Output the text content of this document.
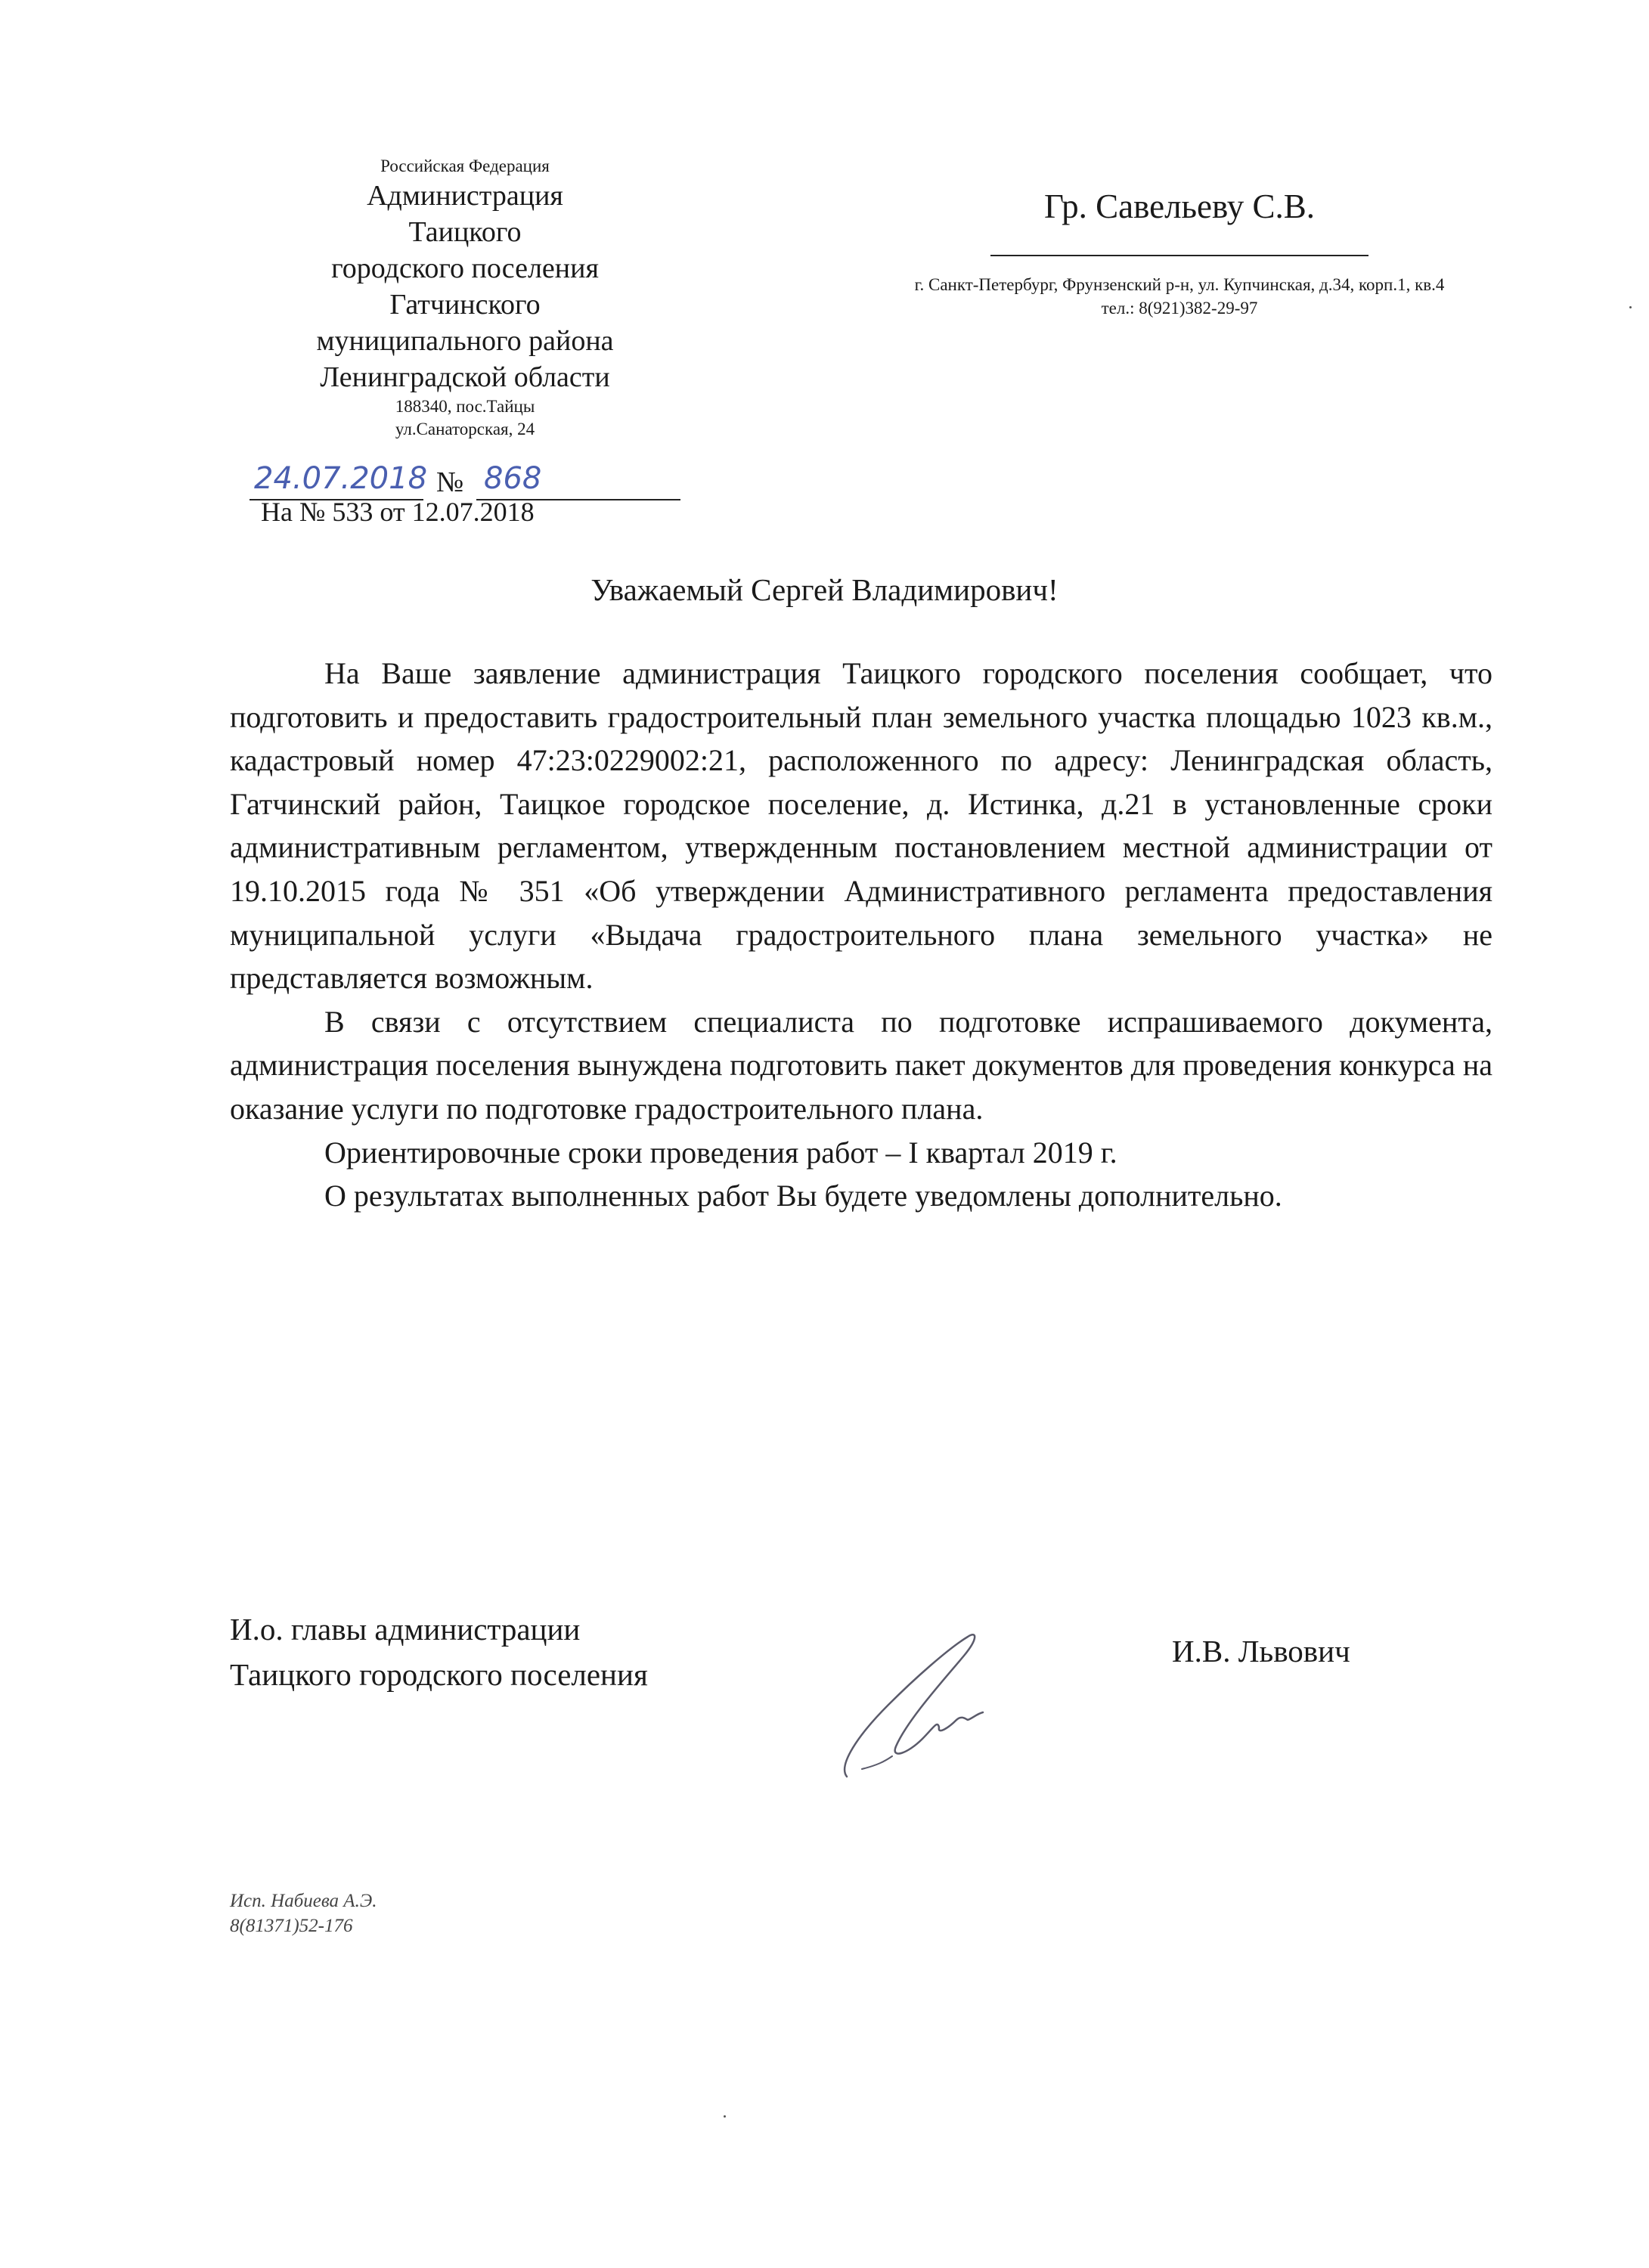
Российская Федерация
Администрация
Таицкого
городского поселения
Гатчинского
муниципального района
Ленинградской области
188340, пос.Тайцы
ул.Санаторская, 24
24.07.2018 № 868
На № 533 от 12.07.2018
Гр. Савельеву С.В.
г. Санкт-Петербург, Фрунзенский р-н, ул. Купчинская, д.34, корп.1, кв.4
тел.: 8(921)382-29-97
Уважаемый Сергей Владимирович!

На Ваше заявление администрация Таицкого городского поселения сообщает, что подготовить и предоставить градостроительный план земельного участка площадью 1023 кв.м., кадастровый номер 47:23:0229002:21, расположенного по адресу: Ленинградская область, Гатчинский район, Таицкое городское поселение, д. Истинка, д.21 в установленные сроки административным регламентом, утвержденным постановлением местной администрации от 19.10.2015 года № 351 «Об утверждении Административного регламента предоставления муниципальной услуги «Выдача градостроительного плана земельного участка» не представляется возможным.

В связи с отсутствием специалиста по подготовке испрашиваемого документа, администрация поселения вынуждена подготовить пакет документов для проведения конкурса на оказание услуги по подготовке градостроительного плана.

Ориентировочные сроки проведения работ – I квартал 2019 г.

О результатах выполненных работ Вы будете уведомлены дополнительно.

И.о. главы администрации
Таицкого городского поселения
И.В. Львович
Исп. Набиева А.Э.
8(81371)52-176
